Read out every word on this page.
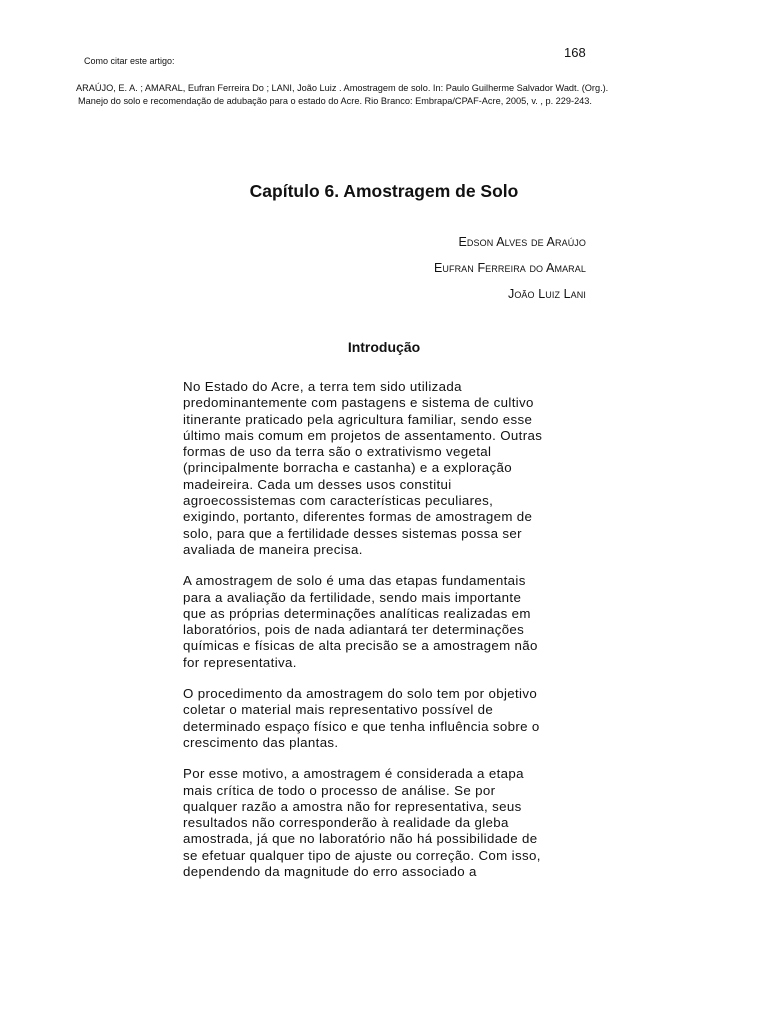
Como citar este artigo:
168
ARAÚJO, E. A. ; AMARAL, Eufran Ferreira Do ; LANI, João Luiz . Amostragem de solo. In: Paulo Guilherme Salvador Wadt. (Org.).
Manejo do solo e recomendação de adubação para o estado do Acre. Rio Branco: Embrapa/CPAF-Acre, 2005, v. , p. 229-243.
Capítulo 6. Amostragem de Solo
Edson Alves de Araújo
Eufran Ferreira do Amaral
João Luiz Lani
Introdução

No Estado do Acre, a terra tem sido utilizada
predominantemente com pastagens e sistema de cultivo
itinerante praticado pela agricultura familiar, sendo esse
último mais comum em projetos de assentamento. Outras
formas de uso da terra são o extrativismo vegetal
(principalmente borracha e castanha) e a exploração
madeireira. Cada um desses usos constitui
agroecossistemas com características peculiares,
exigindo, portanto, diferentes formas de amostragem de
solo, para que a fertilidade desses sistemas possa ser
avaliada de maneira precisa.

A amostragem de solo é uma das etapas fundamentais
para a avaliação da fertilidade, sendo mais importante
que as próprias determinações analíticas realizadas em
laboratórios, pois de nada adiantará ter determinações
químicas e físicas de alta precisão se a amostragem não
for representativa.

O procedimento da amostragem do solo tem por objetivo
coletar o material mais representativo possível de
determinado espaço físico e que tenha influência sobre o
crescimento das plantas.

Por esse motivo, a amostragem é considerada a etapa
mais crítica de todo o processo de análise. Se por
qualquer razão a amostra não for representativa, seus
resultados não corresponderão à realidade da gleba
amostrada, já que no laboratório não há possibilidade de
se efetuar qualquer tipo de ajuste ou correção. Com isso,
dependendo da magnitude do erro associado a
